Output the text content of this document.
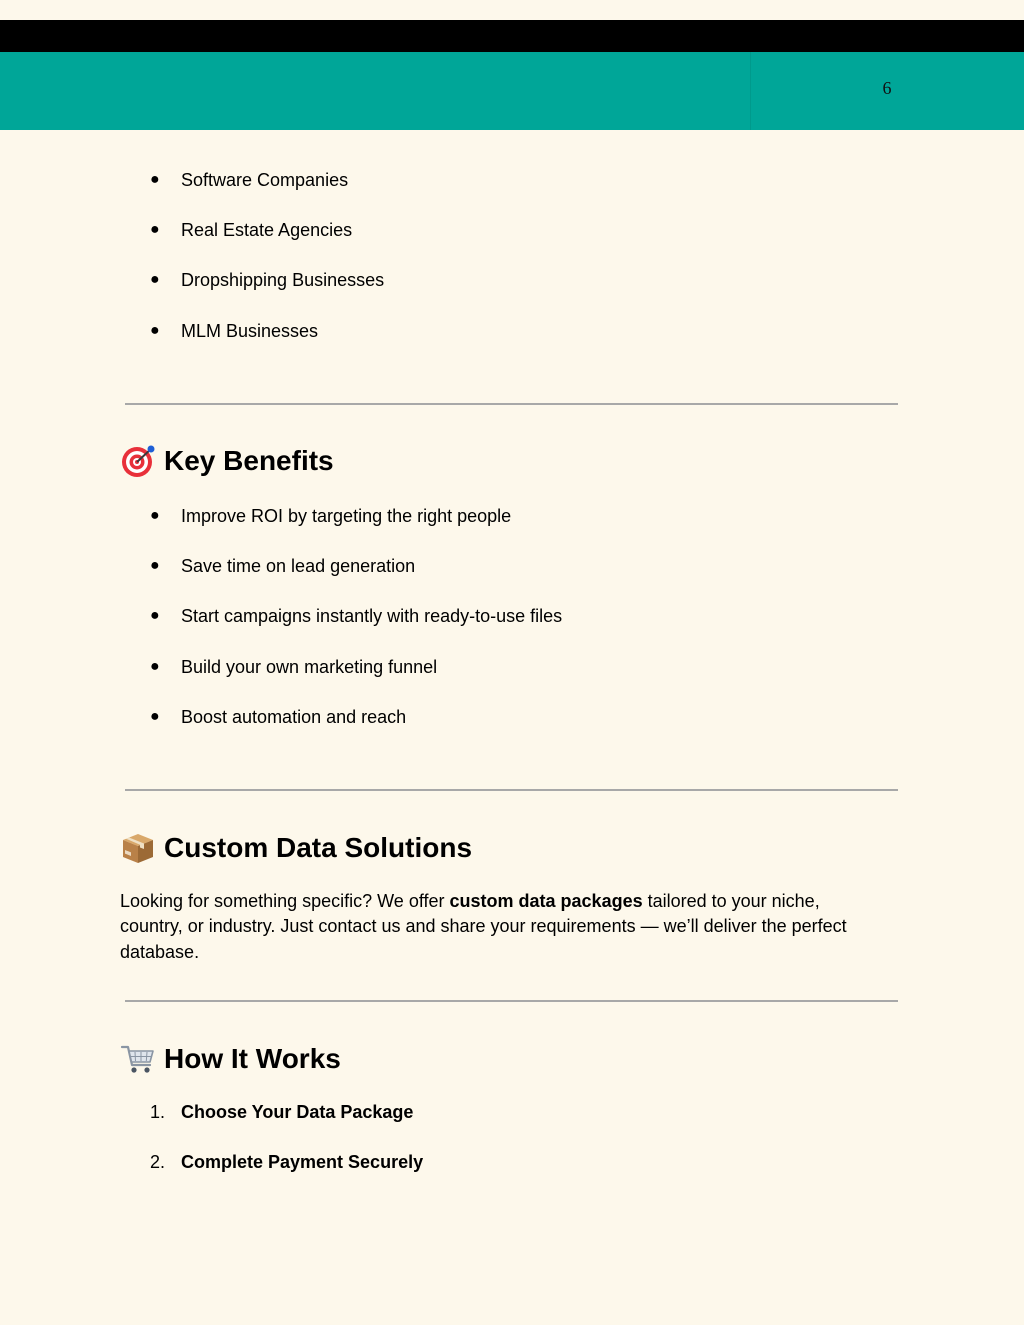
6
● Software Companies
● Real Estate Agencies
● Dropshipping Businesses
● MLM Businesses
Key Benefits
● Improve ROI by targeting the right people
● Save time on lead generation
● Start campaigns instantly with ready-to-use files
● Build your own marketing funnel
● Boost automation and reach
Custom Data Solutions

Looking for something specific? We offer custom data packages tailored to your niche, country, or industry. Just contact us and share your requirements — we’ll deliver the perfect database.

How It Works
1. Choose Your Data Package
2. Complete Payment Securely
